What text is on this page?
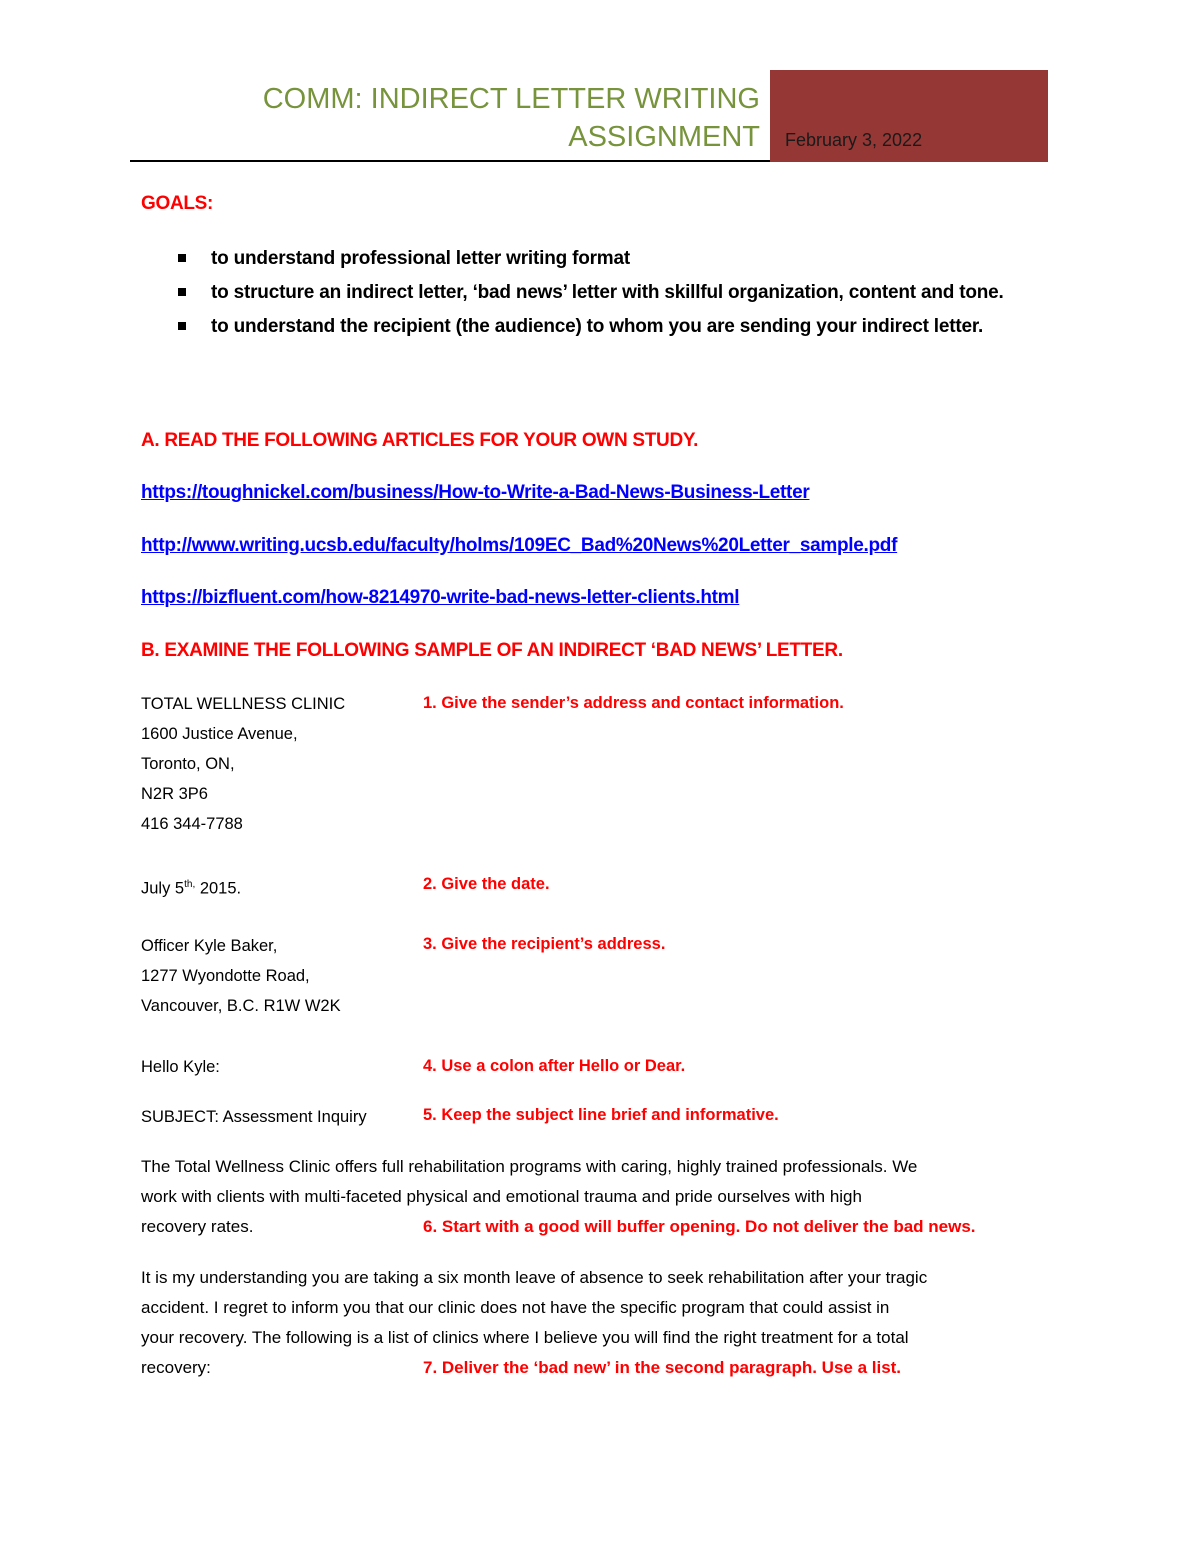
COMM: INDIRECT LETTER WRITING
ASSIGNMENT February 3, 2022
GOALS:
to understand professional letter writing format
to structure an indirect letter, ‘bad news’ letter with skillful organization, content and tone.
to understand the recipient (the audience) to whom you are sending your indirect letter.
A. READ THE FOLLOWING ARTICLES FOR YOUR OWN STUDY.
https://toughnickel.com/business/How-to-Write-a-Bad-News-Business-Letter
http://www.writing.ucsb.edu/faculty/holms/109EC_Bad%20News%20Letter_sample.pdf
https://bizfluent.com/how-8214970-write-bad-news-letter-clients.html
B. EXAMINE THE FOLLOWING SAMPLE OF AN INDIRECT ‘BAD NEWS’ LETTER.
TOTAL WELLNESS CLINIC
1600 Justice Avenue,
Toronto, ON,
N2R 3P6
416 344-7788
1. Give the sender’s address and contact information.
July $5^{th,}$ 2015.	2. Give the date.
Officer Kyle Baker,
1277 Wyondotte Road,
Vancouver, B.C. R1W W2K
3. Give the recipient’s address.
Hello Kyle:	4. Use a colon after Hello or Dear.
SUBJECT: Assessment Inquiry	5. Keep the subject line brief and informative.
The Total Wellness Clinic offers full rehabilitation programs with caring, highly trained professionals. We
work with clients with multi-faceted physical and emotional trauma and pride ourselves with high
recovery rates.	6. Start with a good will buffer opening. Do not deliver the bad news.
It is my understanding you are taking a six month leave of absence to seek rehabilitation after your tragic
accident. I regret to inform you that our clinic does not have the specific program that could assist in
your recovery. The following is a list of clinics where I believe you will find the right treatment for a total
recovery:	7. Deliver the ‘bad new’ in the second paragraph. Use a list.
